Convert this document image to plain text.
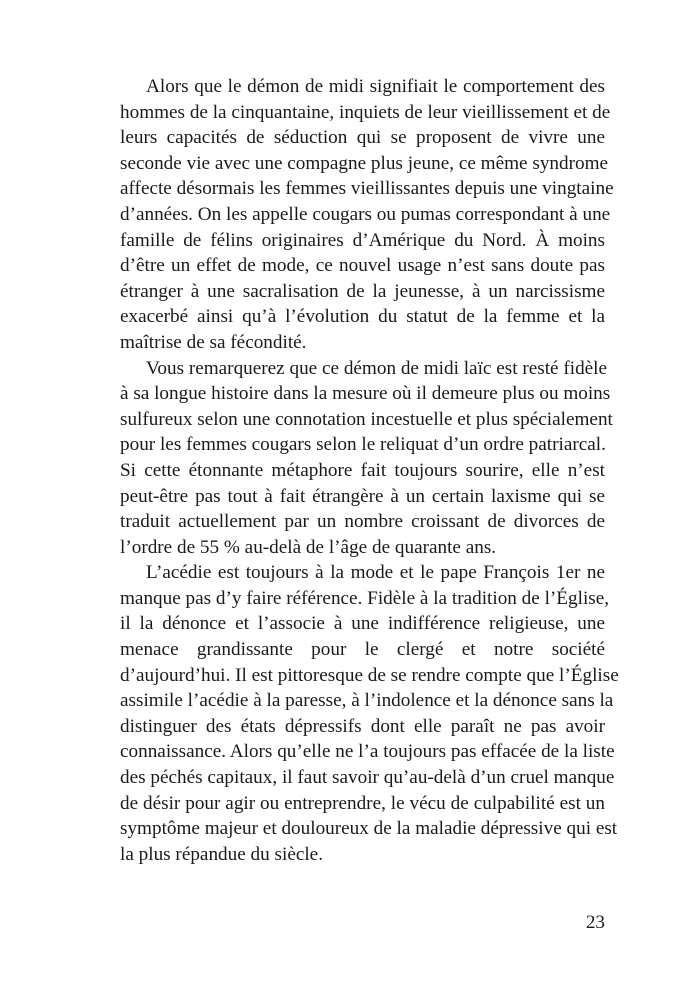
Alors que le démon de midi signifiait le comportement des
hommes de la cinquantaine, inquiets de leur vieillissement et de
leurs capacités de séduction qui se proposent de vivre une
seconde vie avec une compagne plus jeune, ce même syndrome
affecte désormais les femmes vieillissantes depuis une vingtaine
d’années. On les appelle cougars ou pumas correspondant à une
famille de félins originaires d’Amérique du Nord. À moins
d’être un effet de mode, ce nouvel usage n’est sans doute pas
étranger à une sacralisation de la jeunesse, à un narcissisme
exacerbé ainsi qu’à l’évolution du statut de la femme et la
maîtrise de sa fécondité.
Vous remarquerez que ce démon de midi laïc est resté fidèle
à sa longue histoire dans la mesure où il demeure plus ou moins
sulfureux selon une connotation incestuelle et plus spécialement
pour les femmes cougars selon le reliquat d’un ordre patriarcal.
Si cette étonnante métaphore fait toujours sourire, elle n’est
peut-être pas tout à fait étrangère à un certain laxisme qui se
traduit actuellement par un nombre croissant de divorces de
l’ordre de 55 % au-delà de l’âge de quarante ans.
L’acédie est toujours à la mode et le pape François 1er ne
manque pas d’y faire référence. Fidèle à la tradition de l’Église,
il la dénonce et l’associe à une indifférence religieuse, une
menace grandissante pour le clergé et notre société
d’aujourd’hui. Il est pittoresque de se rendre compte que l’Église
assimile l’acédie à la paresse, à l’indolence et la dénonce sans la
distinguer des états dépressifs dont elle paraît ne pas avoir
connaissance. Alors qu’elle ne l’a toujours pas effacée de la liste
des péchés capitaux, il faut savoir qu’au-delà d’un cruel manque
de désir pour agir ou entreprendre, le vécu de culpabilité est un
symptôme majeur et douloureux de la maladie dépressive qui est
la plus répandue du siècle.
23
